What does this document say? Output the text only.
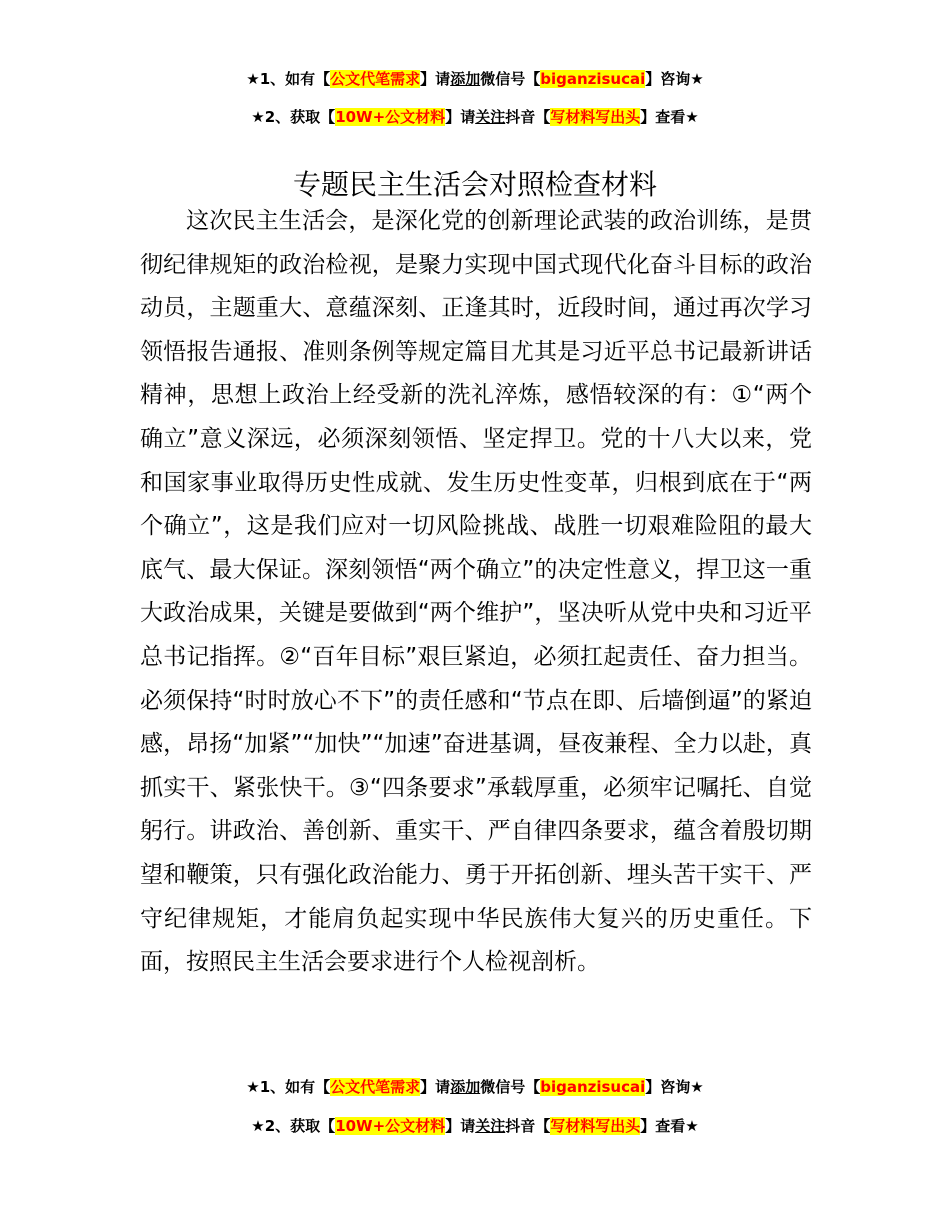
★1、如有【公文代笔需求】请添加微信号【biganzisucai】咨询★
★2、获取【10W+公文材料】请关注抖音【写材料写出头】查看★
专题民主生活会对照检查材料

这次民主生活会，是深化党的创新理论武装的政治训练，是贯彻纪律规矩的政治检视，是聚力实现中国式现代化奋斗目标的政治动员，主题重大、意蕴深刻、正逢其时，近段时间，通过再次学习领悟报告通报、准则条例等规定篇目尤其是习近平总书记最新讲话精神，思想上政治上经受新的洗礼淬炼，感悟较深的有：①“两个确立”意义深远，必须深刻领悟、坚定捍卫。党的十八大以来，党和国家事业取得历史性成就、发生历史性变革，归根到底在于“两个确立”，这是我们应对一切风险挑战、战胜一切艰难险阻的最大底气、最大保证。深刻领悟“两个确立”的决定性意义，捍卫这一重大政治成果，关键是要做到“两个维护”，坚决听从党中央和习近平总书记指挥。②“百年目标”艰巨紧迫，必须扛起责任、奋力担当。必须保持“时时放心不下”的责任感和“节点在即、后墙倒逼”的紧迫感，昂扬“加紧”“加快”“加速”奋进基调，昼夜兼程、全力以赴，真抓实干、紧张快干。③“四条要求”承载厚重，必须牢记嘱托、自觉躬行。讲政治、善创新、重实干、严自律四条要求，蕴含着殷切期望和鞭策，只有强化政治能力、勇于开拓创新、埋头苦干实干、严守纪律规矩，才能肩负起实现中华民族伟大复兴的历史重任。下面，按照民主生活会要求进行个人检视剖析。

★1、如有【公文代笔需求】请添加微信号【biganzisucai】咨询★
★2、获取【10W+公文材料】请关注抖音【写材料写出头】查看★
